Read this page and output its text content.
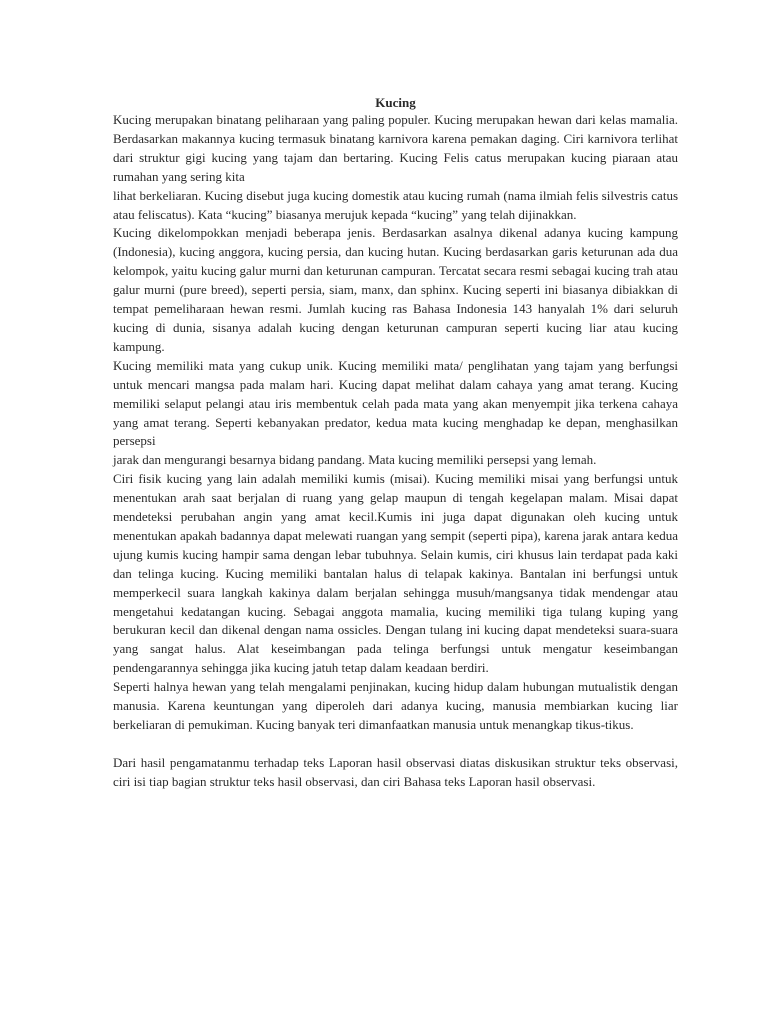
Kucing

Kucing merupakan binatang peliharaan yang paling populer. Kucing merupakan hewan dari kelas mamalia. Berdasarkan makannya kucing termasuk binatang karnivora karena pemakan daging. Ciri karnivora terlihat dari struktur gigi kucing yang tajam dan bertaring. Kucing Felis catus merupakan kucing piaraan atau rumahan yang sering kita

lihat berkeliaran. Kucing disebut juga kucing domestik atau kucing rumah (nama ilmiah felis silvestris catus atau feliscatus). Kata “kucing” biasanya merujuk kepada “kucing” yang telah dijinakkan.

Kucing dikelompokkan menjadi beberapa jenis. Berdasarkan asalnya dikenal adanya kucing kampung (Indonesia), kucing anggora, kucing persia, dan kucing hutan. Kucing berdasarkan garis keturunan ada dua kelompok, yaitu kucing galur murni dan keturunan campuran. Tercatat secara resmi sebagai kucing trah atau galur murni (pure breed), seperti persia, siam, manx, dan sphinx. Kucing seperti ini biasanya dibiakkan di tempat pemeliharaan hewan resmi. Jumlah kucing ras Bahasa Indonesia 143 hanyalah 1% dari seluruh kucing di dunia, sisanya adalah kucing dengan keturunan campuran seperti kucing liar atau kucing kampung.

Kucing memiliki mata yang cukup unik. Kucing memiliki mata/ penglihatan yang tajam yang berfungsi untuk mencari mangsa pada malam hari. Kucing dapat melihat dalam cahaya yang amat terang. Kucing memiliki selaput pelangi atau iris membentuk celah pada mata yang akan menyempit jika terkena cahaya yang amat terang. Seperti kebanyakan predator, kedua mata kucing menghadap ke depan, menghasilkan persepsi

jarak dan mengurangi besarnya bidang pandang. Mata kucing memiliki persepsi yang lemah.

Ciri fisik kucing yang lain adalah memiliki kumis (misai). Kucing memiliki misai yang berfungsi untuk menentukan arah saat berjalan di ruang yang gelap maupun di tengah kegelapan malam. Misai dapat mendeteksi perubahan angin yang amat kecil.Kumis ini juga dapat digunakan oleh kucing untuk menentukan apakah badannya dapat melewati ruangan yang sempit (seperti pipa), karena jarak antara kedua ujung kumis kucing hampir sama dengan lebar tubuhnya. Selain kumis, ciri khusus lain terdapat pada kaki dan telinga kucing. Kucing memiliki bantalan halus di telapak kakinya. Bantalan ini berfungsi untuk memperkecil suara langkah kakinya dalam berjalan sehingga musuh/mangsanya tidak mendengar atau mengetahui kedatangan kucing. Sebagai anggota mamalia, kucing memiliki tiga tulang kuping yang berukuran kecil dan dikenal dengan nama ossicles. Dengan tulang ini kucing dapat mendeteksi suara-suara yang sangat halus. Alat keseimbangan pada telinga berfungsi untuk mengatur keseimbangan pendengarannya sehingga jika kucing jatuh tetap dalam keadaan berdiri.

Seperti halnya hewan yang telah mengalami penjinakan, kucing hidup dalam hubungan mutualistik dengan manusia. Karena keuntungan yang diperoleh dari adanya kucing, manusia membiarkan kucing liar berkeliaran di pemukiman. Kucing banyak teri dimanfaatkan manusia untuk menangkap tikus-tikus.

Dari hasil pengamatanmu terhadap teks Laporan hasil observasi diatas diskusikan struktur teks observasi, ciri isi tiap bagian struktur teks hasil observasi, dan ciri Bahasa teks Laporan hasil observasi.
